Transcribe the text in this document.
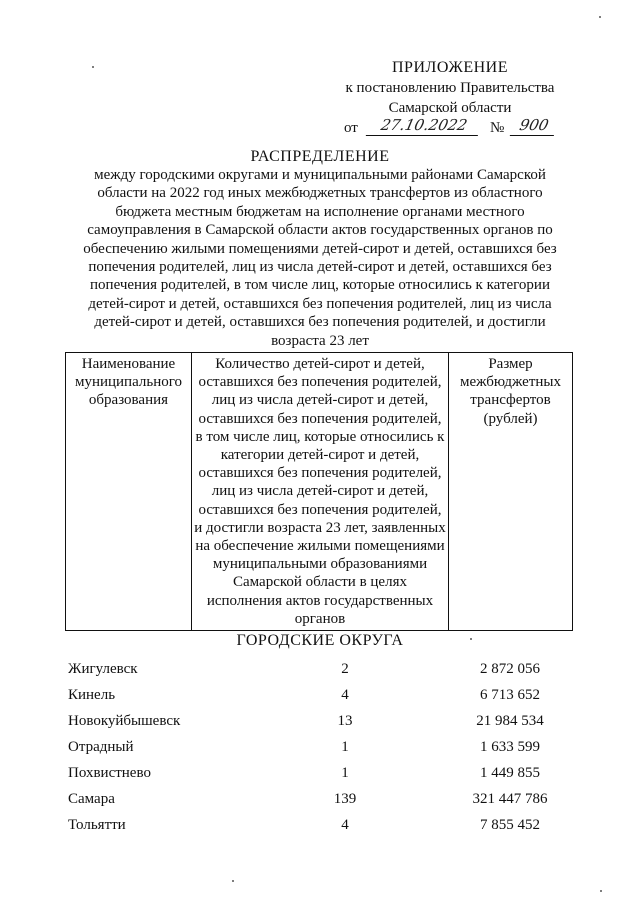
ПРИЛОЖЕНИЕ
к постановлению Правительства
Самарской области
от	27.10.2022	№ 900
РАСПРЕДЕЛЕНИЕ
между городскими округами и муниципальными районами Самарской области на 2022 год иных межбюджетных трансфертов из областного бюджета местным бюджетам на исполнение органами местного самоуправления в Самарской области актов государственных органов по обеспечению жилыми помещениями детей-сирот и детей, оставшихся без попечения родителей, лиц из числа детей-сирот и детей, оставшихся без попечения родителей, в том числе лиц, которые относились к категории детей-сирот и детей, оставшихся без попечения родителей, лиц из числа детей-сирот и детей, оставшихся без попечения родителей, и достигли возраста 23 лет
Наименование муниципального образования	Количество детей-сирот и детей, оставшихся без попечения родителей, лиц из числа детей-сирот и детей, оставшихся без попечения родителей, в том числе лиц, которые относились к категории детей-сирот и детей, оставшихся без попечения родителей, лиц из числа детей-сирот и детей, оставшихся без попечения родителей, и достигли возраста 23 лет, заявленных на обеспечение жилыми помещениями муниципальными образованиями Самарской области в целях исполнения актов государственных органов	Размер межбюджетных трансфертов (рублей)
ГОРОДСКИЕ ОКРУГА
Жигулевск	2	2 872 056
Кинель	4	6 713 652
Новокуйбышевск	13	21 984 534
Отрадный	1	1 633 599
Похвистнево	1	1 449 855
Самара	139	321 447 786
Тольятти	4	7 855 452
